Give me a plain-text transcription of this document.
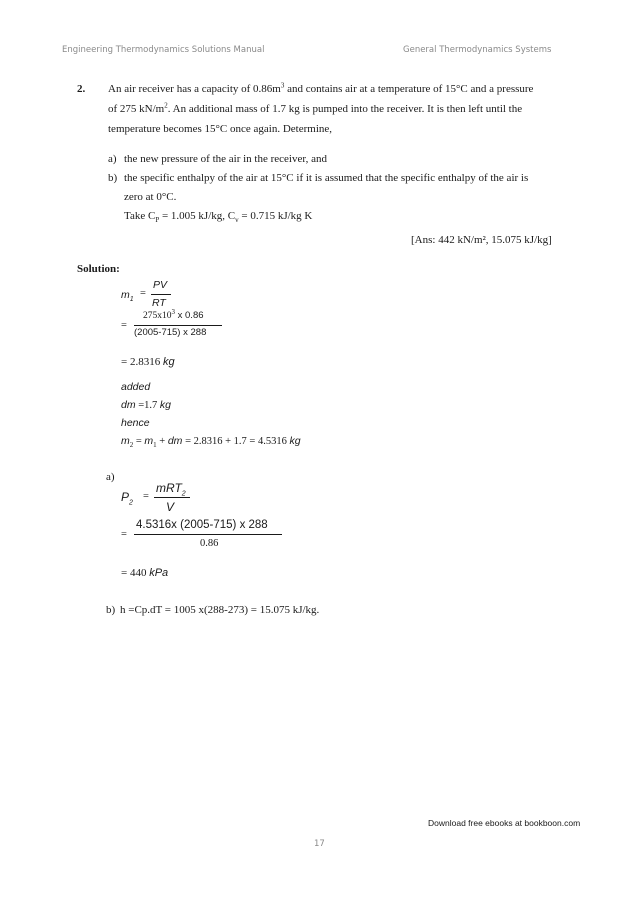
Engineering Thermodynamics Solutions Manual	General Thermodynamics Systems
2. An air receiver has a capacity of $0.86m^3$ and contains air at a temperature of 15°C and a pressure
of 275 $kN/m^2$. An additional mass of 1.7 kg is pumped into the receiver. It is then left until the
temperature becomes 15°C once again. Determine,
a) the new pressure of the air in the receiver, and
b) the specific enthalpy of the air at 15°C if it is assumed that the specific enthalpy of the air is
zero at 0°C.
Take $C_P = 1.005$ kJ/kg, $C_v = 0.715$ kJ/kg K
[Ans: 442 kN/m², 15.075 kJ/kg]
Solution:
$m_1$
=
PV
RT
=
$275x10^3$ x 0.86
(2005-715) x 288
= 2.8316 kg
added
dm =1.7 kg
hence
$m_2 = m_1$ + dm = 2.8316 + 1.7 = 4.5316 kg
a)
$P_2$
=
mRT$_2$
V
=
4.5316x (2005-715) x 288
0.86
= 440 kPa
b) h =Cp.dT = 1005 x(288-273) = 15.075 kJ/kg.
Download free ebooks at bookboon.com
17
